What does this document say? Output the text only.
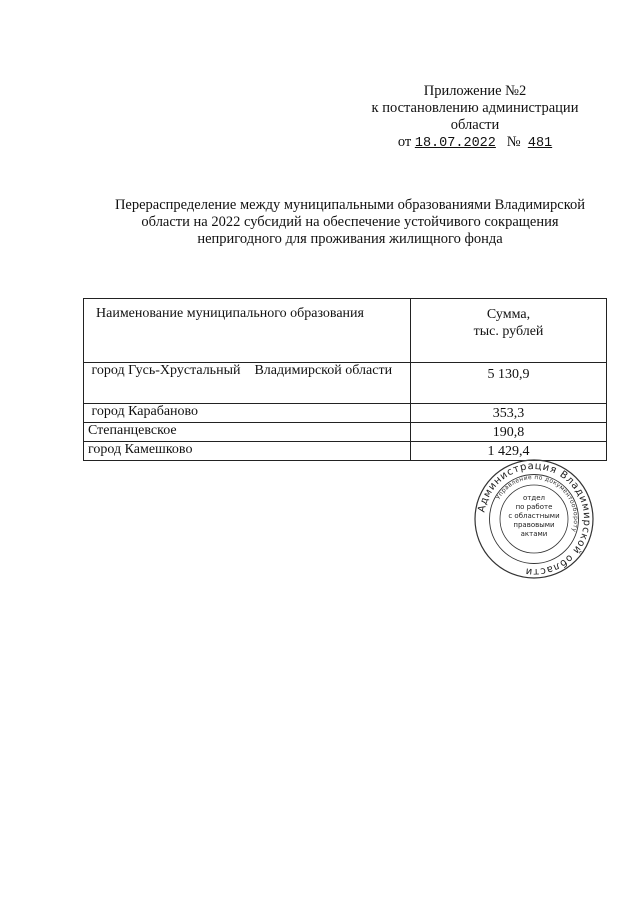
Приложение №2
к постановлению администрации
области
от 18.07.2022 № 481
Перераспределение между муниципальными образованиями Владимирской области на 2022 субсидий на обеспечение устойчивого сокращения непригодного для проживания жилищного фонда
Наименование муниципального образования	Сумма,
тыс. рублей
город Гусь-Хрустальный    Владимирской области	5 130,9
город Карабаново	353,3
Степанцевское	190,8
город Камешково	1 429,4
Администрация Владимирской области
Управление по документообороту
отдел
по работе
с областными
правовыми
актами
